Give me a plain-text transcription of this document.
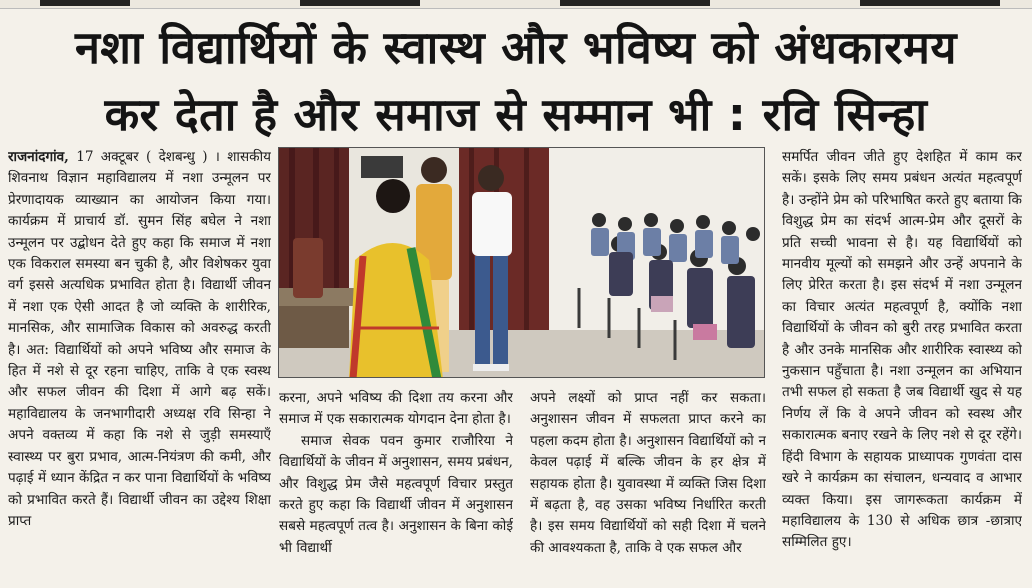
नशा विद्यार्थियों के स्वास्थ और भविष्य को अंधकारमय
कर देता है और समाज से सम्मान भी : रवि सिन्हा

राजनांदगांव, 17 अक्टूबर ( देशबन्धु ) । शासकीय शिवनाथ विज्ञान महाविद्यालय में नशा उन्मूलन पर प्रेरणादायक व्याख्यान का आयोजन किया गया। कार्यक्रम में प्राचार्य डॉ. सुमन सिंह बघेल ने नशा उन्मूलन पर उद्बोधन देते हुए कहा कि समाज में नशा एक विकराल समस्या बन चुकी है, और विशेषकर युवा वर्ग इससे अत्यधिक प्रभावित होता है। विद्यार्थी जीवन में नशा एक ऐसी आदत है जो व्यक्ति के शारीरिक, मानसिक, और सामाजिक विकास को अवरुद्ध करती है। अत: विद्यार्थियों को अपने भविष्य और समाज के हित में नशे से दूर रहना चाहिए, ताकि वे एक स्वस्थ और सफल जीवन की दिशा में आगे बढ़ सकें। महाविद्यालय के जनभागीदारी अध्यक्ष रवि सिन्हा ने अपने वक्तव्य में कहा कि नशे से जुड़ी समस्याएँ स्वास्थ्य पर बुरा प्रभाव, आत्म-नियंत्रण की कमी, और पढ़ाई में ध्यान केंद्रित न कर पाना विद्यार्थियों के भविष्य को प्रभावित करते हैं। विद्यार्थी जीवन का उद्देश्य शिक्षा प्राप्त

करना, अपने भविष्य की दिशा तय करना और समाज में एक सकारात्मक योगदान देना होता है।

समाज सेवक पवन कुमार राजौरिया ने विद्यार्थियों के जीवन में अनुशासन, समय प्रबंधन, और विशुद्ध प्रेम जैसे महत्वपूर्ण विचार प्रस्तुत करते हुए कहा कि विद्यार्थी जीवन में अनुशासन सबसे महत्वपूर्ण तत्व है। अनुशासन के बिना कोई भी विद्यार्थी

अपने लक्ष्यों को प्राप्त नहीं कर सकता। अनुशासन जीवन में सफलता प्राप्त करने का पहला कदम होता है। अनुशासन विद्यार्थियों को न केवल पढ़ाई में बल्कि जीवन के हर क्षेत्र में सहायक होता है। युवावस्था में व्यक्ति जिस दिशा में बढ़ता है, वह उसका भविष्य निर्धारित करती है। इस समय विद्यार्थियों को सही दिशा में चलने की आवश्यकता है, ताकि वे एक सफल और

समर्पित जीवन जीते हुए देशहित में काम कर सकें। इसके लिए समय प्रबंधन अत्यंत महत्वपूर्ण है। उन्होंने प्रेम को परिभाषित करते हुए बताया कि विशुद्ध प्रेम का संदर्भ आत्म-प्रेम और दूसरों के प्रति सच्ची भावना से है। यह विद्यार्थियों को मानवीय मूल्यों को समझने और उन्हें अपनाने के लिए प्रेरित करता है। इस संदर्भ में नशा उन्मूलन का विचार अत्यंत महत्वपूर्ण है, क्योंकि नशा विद्यार्थियों के जीवन को बुरी तरह प्रभावित करता है और उनके मानसिक और शारीरिक स्वास्थ्य को नुकसान पहुँचाता है। नशा उन्मूलन का अभियान तभी सफल हो सकता है जब विद्यार्थी खुद से यह निर्णय लें कि वे अपने जीवन को स्वस्थ और सकारात्मक बनाए रखने के लिए नशे से दूर रहेंगे। हिंदी विभाग के सहायक प्राध्यापक गुणवंता दास खरे ने कार्यक्रम का संचालन, धन्यवाद व आभार व्यक्त किया। इस जागरूकता कार्यक्रम में महाविद्यालय के 130 से अधिक छात्र -छात्राए सम्मिलित हुए।
